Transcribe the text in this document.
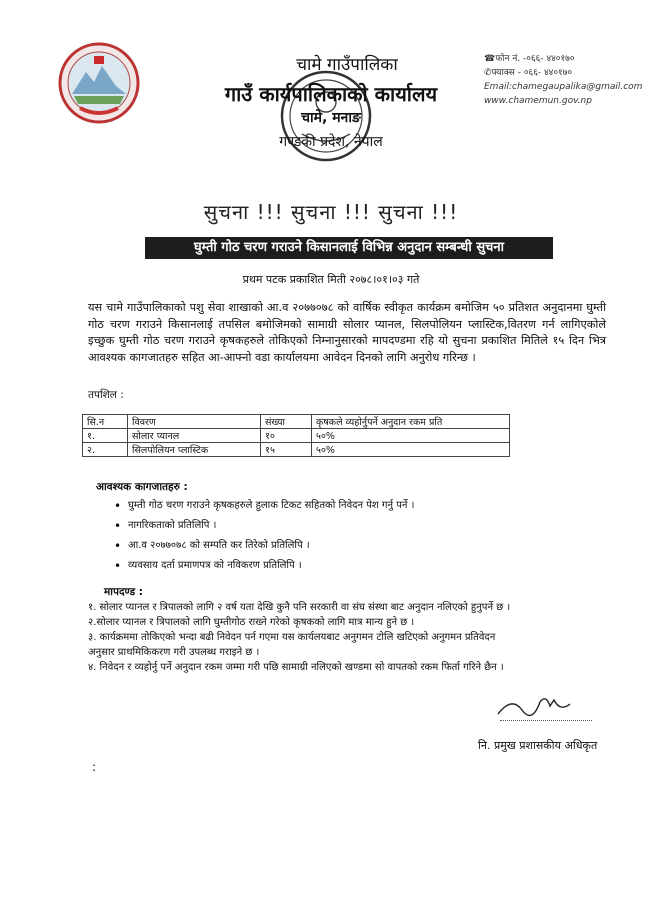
चामे गाउँपालिका
गाउँ कार्यपालिकाको कार्यालय
चामे, मनाङ
गण्डकी प्रदेश, नेपाल
☎फोन नं. -०६६- ४४०१७०
✆फ्याक्स - ०६६- ४४०१७०
Email:chamegaupalika@gmail.com
www.chamemun.gov.np
सुचना !!! सुचना !!! सुचना !!!
घुम्ती गोठ चरण गराउने किसानलाई विभिन्न अनुदान सम्बन्धी सुचना
प्रथम पटक प्रकाशित मिती २०७८।०१।०३ गते
यस चामे गाउँपालिकाको पशु सेवा शाखाको आ.व २०७७०७८ को वार्षिक स्वीकृत कार्यक्रम बमोजिम ५० प्रतिशत अनुदानमा घुम्ती गोठ चरण गराउने किसानलाई तपसिल बमोजिमको सामाग्री सोलार प्यानल, सिलपोलियन प्लास्टिक,वितरण गर्न लागिएकोले इच्छुक घुम्ती गोठ चरण गराउने कृषकहरुले तोकिएको निम्नानुसारको मापदण्डमा रहि यो सुचना प्रकाशित मितिले १५ दिन भित्र आवश्यक कागजातहरु सहित आ-आफ्नो वडा कार्यालयमा आवेदन दिनको लागि अनुरोध गरिन्छ ।
तपशिल :
सि.न	विवरण	संख्या	कृषकले व्यहोर्नुपर्ने अनुदान रकम प्रति
१.	सोलार प्यानल	१०	५०%
२.	सिलपोलियन प्लास्टिक	१५	५०%
आवश्यक कागजातहरु :
• घुम्ती गोठ चरण गराउने कृषकहरुले हुलाक टिकट सहितको निवेदन पेश गर्नु पर्ने ।
• नागरिकताको प्रतिलिपि ।
• आ.व २०७७०७८ को सम्पति कर तिरेको प्रतिलिपि ।
• व्यवसाय दर्ता प्रमाणपत्र को नविकरण प्रतिलिपि ।
मापदण्ड :
१. सोलार प्यानल र त्रिपालको लागि २ वर्ष यता देखि कुनै पनि सरकारी वा संघ संस्था बाट अनुदान नलिएको हुनुपर्ने छ ।
२.सोलार प्यानल र त्रिपालको लागि घुम्तीगोठ राख्ने गरेको कृषकको लागि मात्र मान्य हुने छ ।
३. कार्यक्रममा तोकिएको भन्दा बढी निवेदन पर्न गएमा यस कार्यलयबाट अनुगमन टोलि खटिएको अनुगमन प्रतिवेदन
अनुसार प्राथमिकिकरण गरी उपलब्ध गराइने छ ।
४. निवेदन र व्यहोर्नु पर्ने अनुदान रकम जम्मा गरी पछि सामाग्री नलिएको खण्डमा सो वापतको रकम फिर्ता गरिने छैन ।
नि. प्रमुख प्रशासकीय अधिकृत
:
